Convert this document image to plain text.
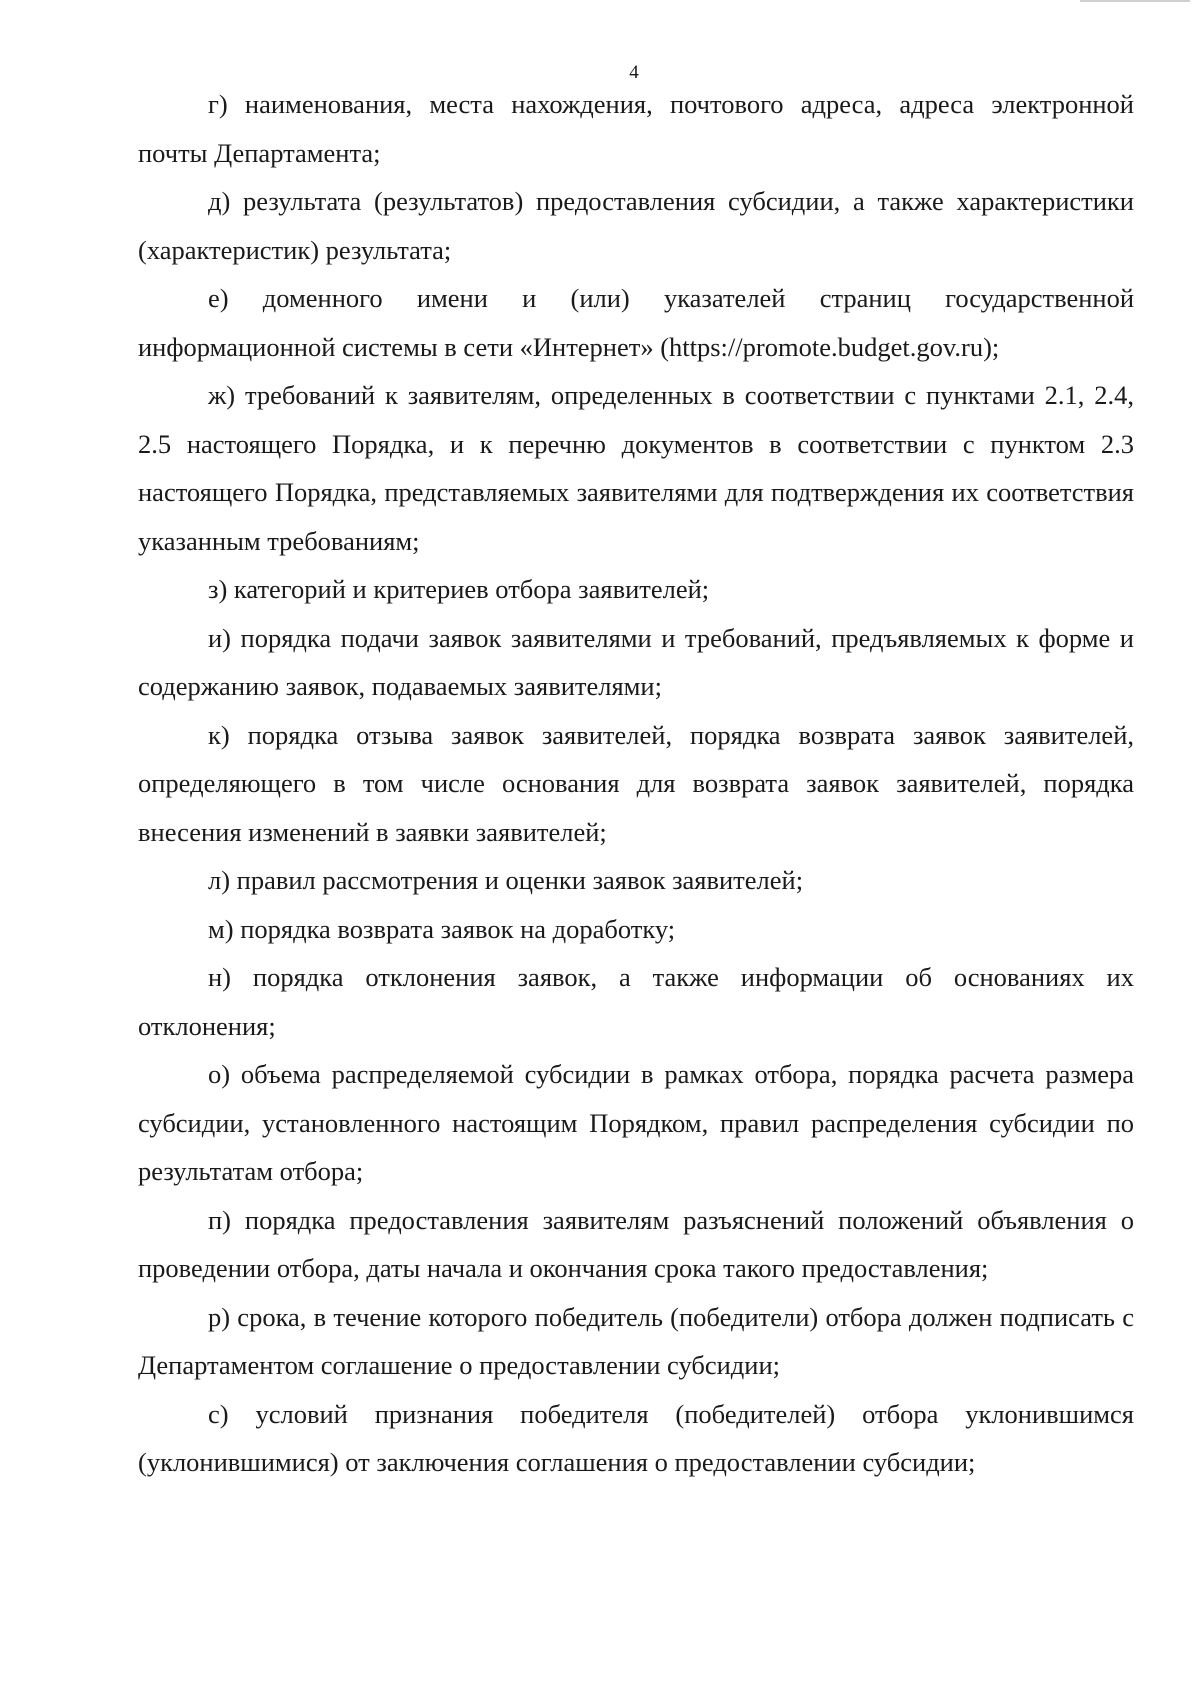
4

г) наименования, места нахождения, почтового адреса, адреса электронной почты Департамента;

д) результата (результатов) предоставления субсидии, а также характеристики (характеристик) результата;

е) доменного имени и (или) указателей страниц государственной информационной системы в сети «Интернет» (https://promote.budget.gov.ru);

ж) требований к заявителям, определенных в соответствии с пунктами 2.1, 2.4, 2.5 настоящего Порядка, и к перечню документов в соответствии с пунктом 2.3 настоящего Порядка, представляемых заявителями для подтверждения их соответствия указанным требованиям;

з) категорий и критериев отбора заявителей;

и) порядка подачи заявок заявителями и требований, предъявляемых к форме и содержанию заявок, подаваемых заявителями;

к) порядка отзыва заявок заявителей, порядка возврата заявок заявителей, определяющего в том числе основания для возврата заявок заявителей, порядка внесения изменений в заявки заявителей;

л) правил рассмотрения и оценки заявок заявителей;

м) порядка возврата заявок на доработку;

н) порядка отклонения заявок, а также информации об основаниях их отклонения;

о) объема распределяемой субсидии в рамках отбора, порядка расчета размера субсидии, установленного настоящим Порядком, правил распределения субсидии по результатам отбора;

п) порядка предоставления заявителям разъяснений положений объявления о проведении отбора, даты начала и окончания срока такого предоставления;

р) срока, в течение которого победитель (победители) отбора должен подписать с Департаментом соглашение о предоставлении субсидии;

с) условий признания победителя (победителей) отбора уклонившимся (уклонившимися) от заключения соглашения о предоставлении субсидии;
